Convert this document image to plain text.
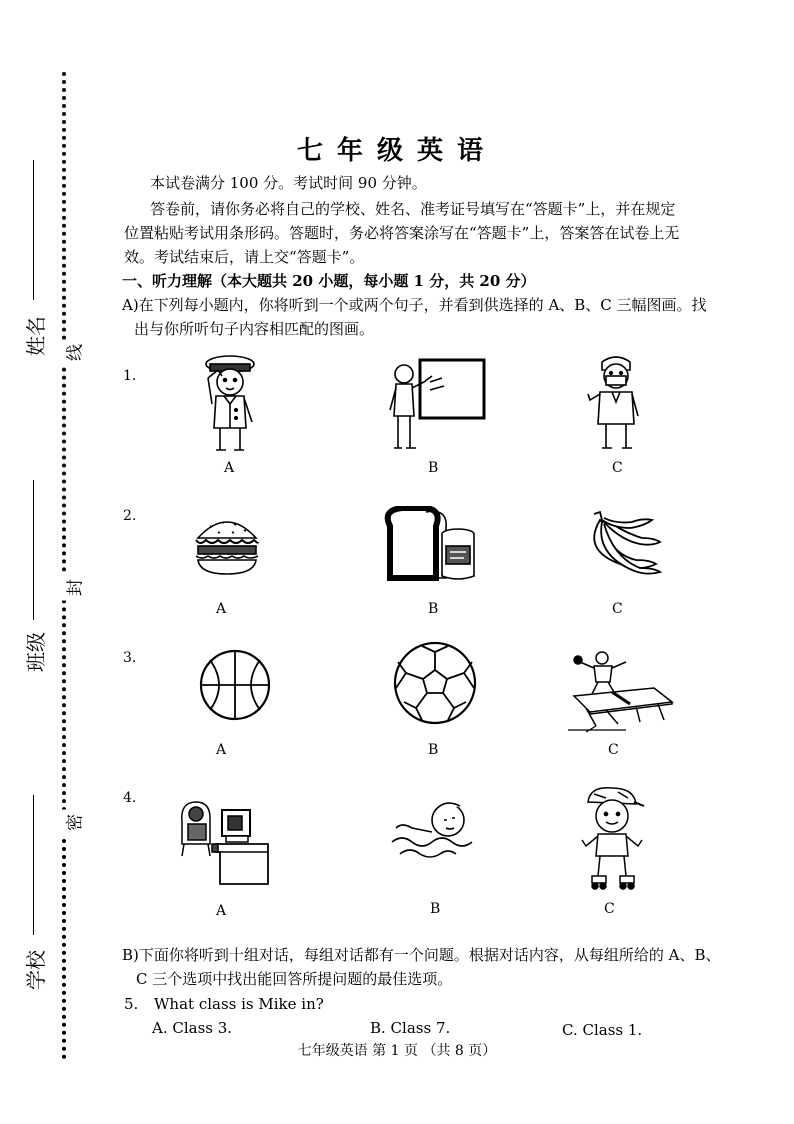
姓名
班级
学校
线
封
密
七年级英语
本试卷满分 100 分。考试时间 90 分钟。
答卷前，请你务必将自己的学校、姓名、准考证号填写在“答题卡”上，并在规定
位置粘贴考试用条形码。答题时，务必将答案涂写在“答题卡”上，答案答在试卷上无
效。考试结束后，请上交“答题卡”。
一、听力理解（本大题共 20 小题，每小题 1 分，共 20 分）
A)在下列每小题内，你将听到一个或两个句子，并看到供选择的 A、B、C 三幅图画。找
出与你所听句子内容相匹配的图画。
1.
A	B	C
2.
A	B	C
3.
A	B	C
4.
A	B	C
B)下面你将听到十组对话，每组对话都有一个问题。根据对话内容，从每组所给的 A、B、
C 三个选项中找出能回答所提问题的最佳选项。
5. What class is Mike in?
A. Class 3.	B. Class 7.	C. Class 1.
七年级英语 第 1 页 （共 8 页）
